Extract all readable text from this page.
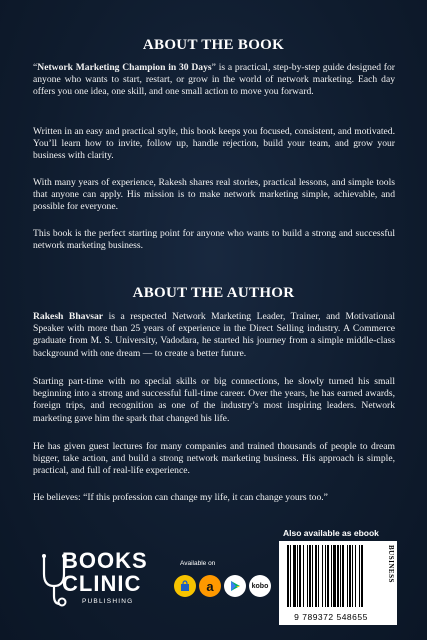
ABOUT THE BOOK

“Network Marketing Champion in 30 Days” is a practical, step-by-step guide designed for anyone who wants to start, restart, or grow in the world of network marketing. Each day offers you one idea, one skill, and one small action to move you forward.

Written in an easy and practical style, this book keeps you focused, consistent, and motivated. You’ll learn how to invite, follow up, handle rejection, build your team, and grow your business with clarity.

With many years of experience, Rakesh shares real stories, practical lessons, and simple tools that anyone can apply. His mission is to make network marketing simple, achievable, and possible for everyone.

This book is the perfect starting point for anyone who wants to build a strong and successful network marketing business.

ABOUT THE AUTHOR

Rakesh Bhavsar is a respected Network Marketing Leader, Trainer, and Motivational Speaker with more than 25 years of experience in the Direct Selling industry. A Commerce graduate from M. S. University, Vadodara, he started his journey from a simple middle-class background with one dream — to create a better future.

Starting part-time with no special skills or big connections, he slowly turned his small beginning into a strong and successful full-time career. Over the years, he has earned awards, foreign trips, and recognition as one of the industry’s most inspiring leaders. Network marketing gave him the spark that changed his life.

He has given guest lectures for many companies and trained thousands of people to dream bigger, take action, and build a strong network marketing business. His approach is simple, practical, and full of real-life experience.

He believes: “If this profession can change my life, it can change yours too.”

BOOKS
CLINIC
PUBLISHING
Available on
a	kobo
Also available as ebook
9 789372 548655
BUSINESS
